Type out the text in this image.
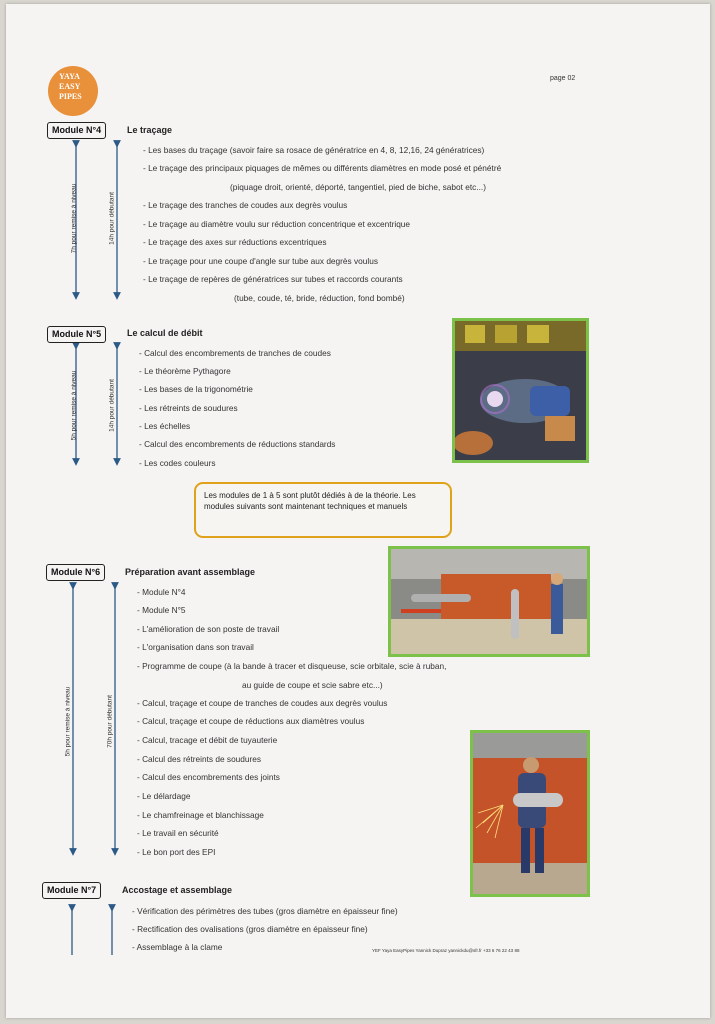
YAYA
EASY
PIPES
page 02
Module N°4	Le traçage
7h pour remise à niveau	14h pour débutant
- Les bases du traçage (savoir faire sa rosace de génératrice en 4, 8, 12,16, 24 génératrices)
- Le traçage des principaux piquages de mêmes ou différents diamètres en mode posé et pénétré
(piquage droit, orienté, déporté, tangentiel, pied de biche, sabot etc...)
- Le traçage des tranches de coudes aux degrès voulus
- Le traçage au diamètre voulu sur réduction concentrique et excentrique
- Le traçage des axes sur réductions excentriques
- Le traçage pour une coupe d'angle sur tube aux degrès voulus
- Le traçage de repères de génératrices sur tubes et raccords courants
(tube, coude, té, bride, réduction, fond bombé)
Module N°5	Le calcul de débit
5h pour remise à niveau	14h pour débutant
- Calcul des encombrements de tranches de coudes
- Le théorème Pythagore
- Les bases de la trigonométrie
- Les rétreints de soudures
- Les échelles
- Calcul des encombrements de réductions standards
- Les codes couleurs
Les modules de 1 à 5 sont plutôt dédiés à de la théorie. Les modules suivants sont maintenant techniques et manuels
Module N°6	Préparation avant assemblage
5h pour remise à niveau	70h pour débutant
- Module N°4
- Module N°5
- L'amélioration de son poste de travail
- L'organisation dans son travail
- Programme de coupe (à la bande à tracer et disqueuse, scie orbitale, scie à ruban,
au guide de coupe et scie sabre etc...)
- Calcul, traçage et coupe de tranches de coudes aux degrès voulus
- Calcul, traçage et coupe de réductions aux diamètres voulus
- Calcul, tracage et débit de tuyauterie
- Calcul des rétreints de soudures
- Calcul des encombrements des joints
- Le délardage
- Le chamfreinage et blanchissage
- Le travail en sécurité
- Le bon port des EPI
Module N°7	Accostage et assemblage
- Vérification des périmètres des tubes (gros diamètre en épaisseur fine)
- Rectification des ovalisations (gros diamètre en épaisseur fine)
- Assemblage à la clame	YEF Yaya EasyPipes Yannick Dupraz yannickdu@sfr.fr +33 6 76 22 43 88
